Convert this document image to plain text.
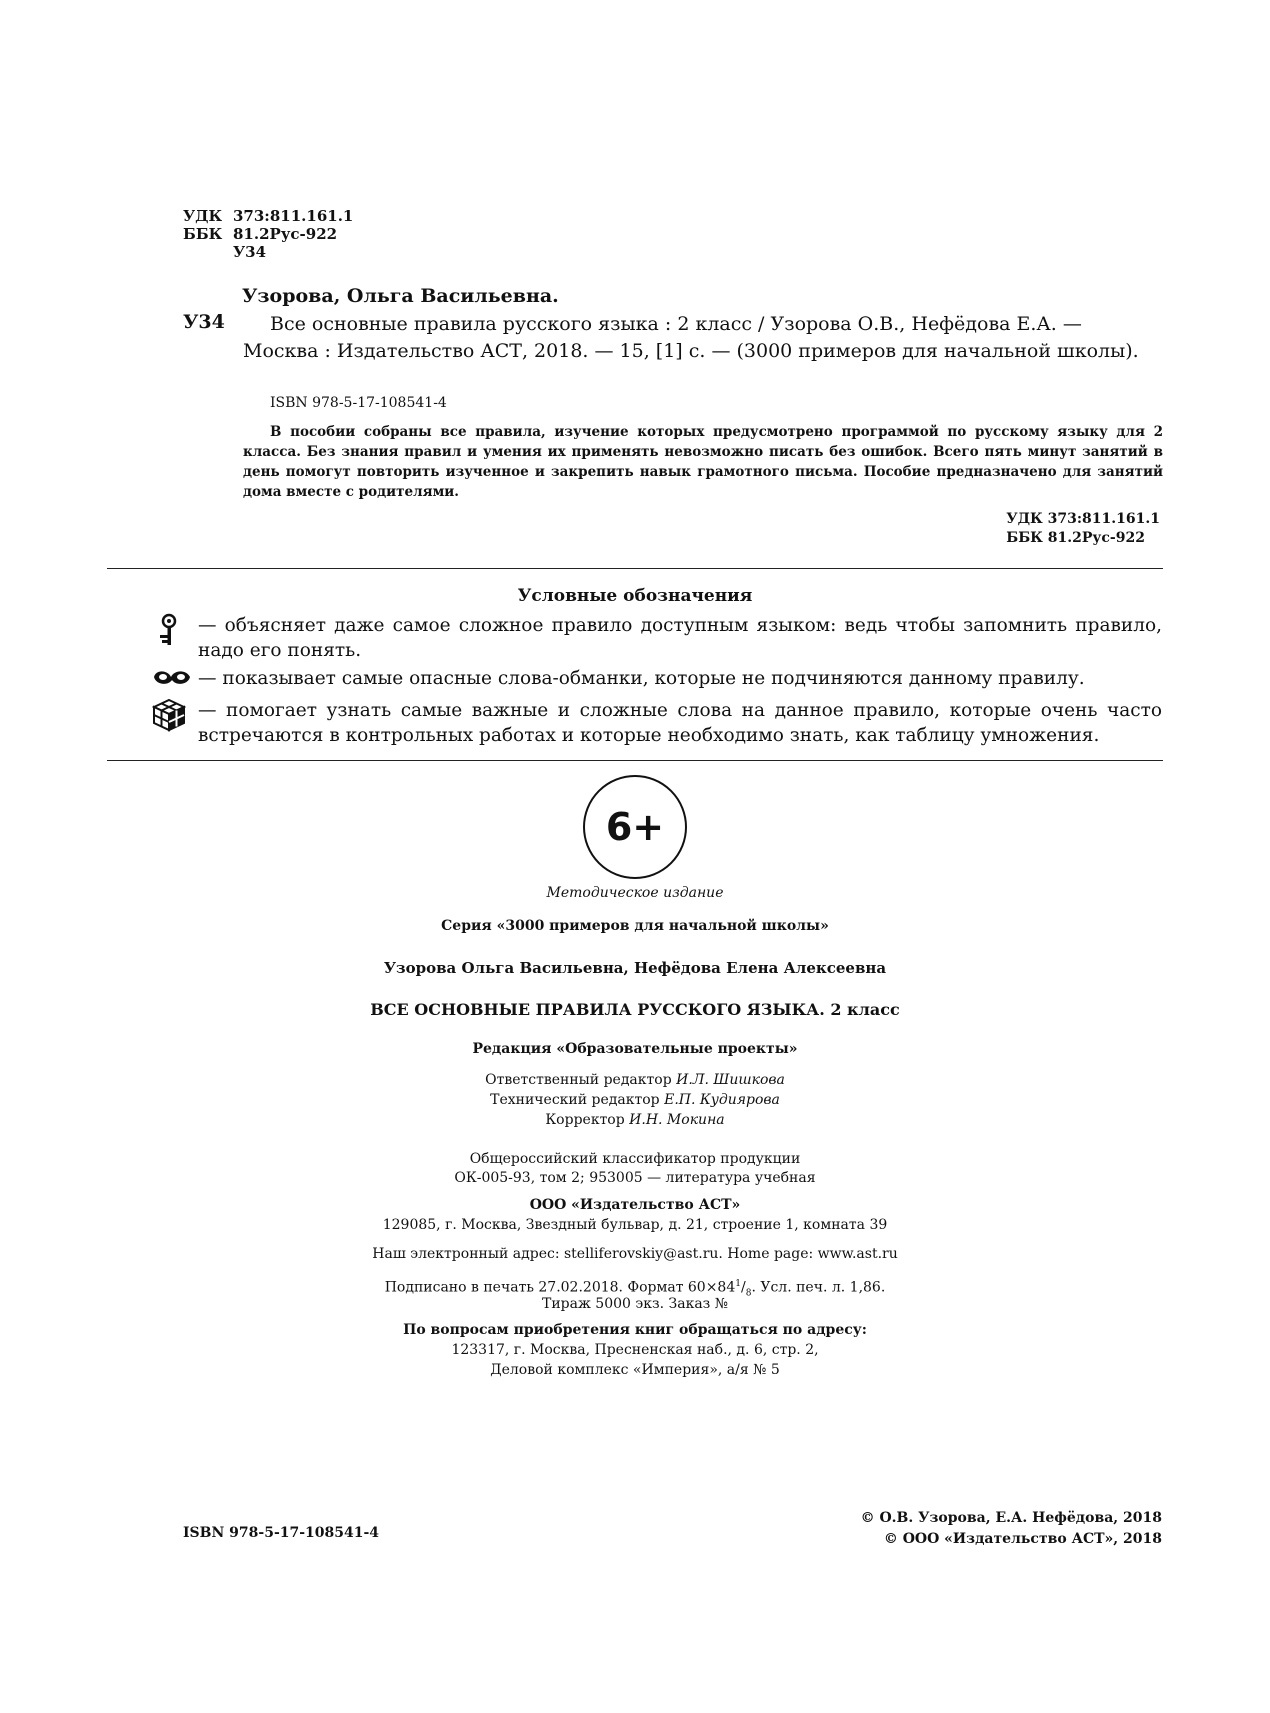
УДК 373:811.161.1
ББК 81.2Рус-922
У34
Узорова, Ольга Васильевна.
У34	Все основные правила русского языка : 2 класс / Узорова О.В., Нефёдова Е.А. —
Москва : Издательство АСТ, 2018. — 15, [1] с. — (3000 примеров для начальной школы).
ISBN 978-5-17-108541-4
В пособии собраны все правила, изучение которых предусмотрено программой по русскому языку для 2 класса. Без знания правил и умения их применять невозможно писать без ошибок. Всего пять минут занятий в день помогут повторить изученное и закрепить навык грамотного письма. Пособие предназначено для занятий дома вместе с родителями.
УДК 373:811.161.1
ББК 81.2Рус-922
Условные обозначения
— объясняет даже самое сложное правило доступным языком: ведь чтобы запомнить правило, надо его понять.
— показывает самые опасные слова-обманки, которые не подчиняются данному правилу.
— помогает узнать самые важные и сложные слова на данное правило, которые очень часто встречаются в контрольных работах и которые необходимо знать, как таблицу умножения.
6+
Методическое издание
Серия «3000 примеров для начальной школы»
Узорова Ольга Васильевна, Нефёдова Елена Алексеевна
ВСЕ ОСНОВНЫЕ ПРАВИЛА РУССКОГО ЯЗЫКА. 2 класс
Редакция «Образовательные проекты»
Ответственный редактор И.Л. Шишкова
Технический редактор Е.П. Кудиярова
Корректор И.Н. Мокина
Общероссийский классификатор продукции
ОК-005-93, том 2; 953005 — литература учебная
ООО «Издательство АСТ»
129085, г. Москва, Звездный бульвар, д. 21, строение 1, комната 39
Наш электронный адрес: stelliferovskiy@ast.ru. Home page: www.ast.ru
Подписано в печать 27.02.2018. Формат $60\times 84^1/_8$. Усл. печ. л. 1,86.
Тираж 5000 экз. Заказ №
По вопросам приобретения книг обращаться по адресу:
123317, г. Москва, Пресненская наб., д. 6, стр. 2,
Деловой комплекс «Империя», а/я № 5
ISBN 978-5-17-108541-4
© О.В. Узорова, Е.А. Нефёдова, 2018
© ООО «Издательство АСТ», 2018
